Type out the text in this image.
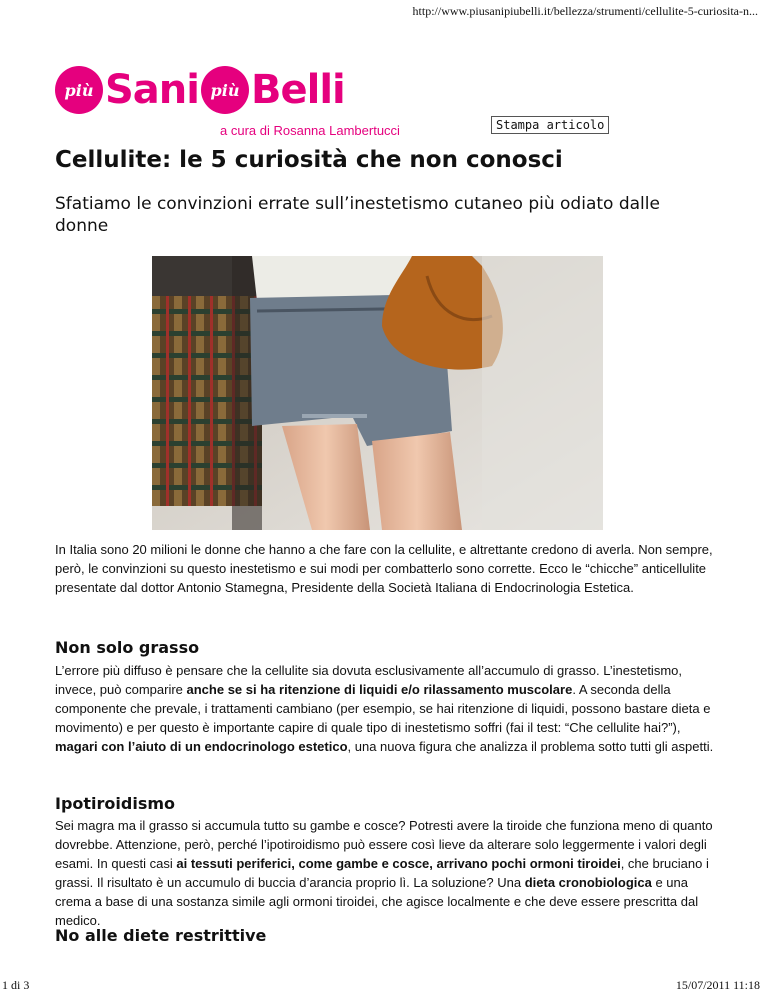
http://www.piusanipiubelli.it/bellezza/strumenti/cellulite-5-curiosita-n...
più Sani più Belli
a cura di Rosanna Lambertucci	Stampa articolo
Cellulite: le 5 curiosità che non conosci

Sfatiamo le convinzioni errate sull’inestetismo cutaneo più odiato dalle donne

In Italia sono 20 milioni le donne che hanno a che fare con la cellulite, e altrettante credono di averla. Non sempre, però, le convinzioni su questo inestetismo e sui modi per combatterlo sono corrette. Ecco le “chicche” anticellulite presentate dal dottor Antonio Stamegna, Presidente della Società Italiana di Endocrinologia Estetica.

Non solo grasso

L’errore più diffuso è pensare che la cellulite sia dovuta esclusivamente all’accumulo di grasso. L’inestetismo, invece, può comparire anche se si ha ritenzione di liquidi e/o rilassamento muscolare. A seconda della componente che prevale, i trattamenti cambiano (per esempio, se hai ritenzione di liquidi, possono bastare dieta e movimento) e per questo è importante capire di quale tipo di inestetismo soffri (fai il test: “Che cellulite hai?”), magari con l’aiuto di un endocrinologo estetico, una nuova figura che analizza il problema sotto tutti gli aspetti.

Ipotiroidismo

Sei magra ma il grasso si accumula tutto su gambe e cosce? Potresti avere la tiroide che funziona meno di quanto dovrebbe. Attenzione, però, perché l’ipotiroidismo può essere così lieve da alterare solo leggermente i valori degli esami. In questi casi ai tessuti periferici, come gambe e cosce, arrivano pochi ormoni tiroidei, che bruciano i grassi. Il risultato è un accumulo di buccia d’arancia proprio lì. La soluzione? Una dieta cronobiologica e una crema a base di una sostanza simile agli ormoni tiroidei, che agisce localmente e che deve essere prescritta dal medico.

No alle diete restrittive
1 di 3	15/07/2011 11:18
